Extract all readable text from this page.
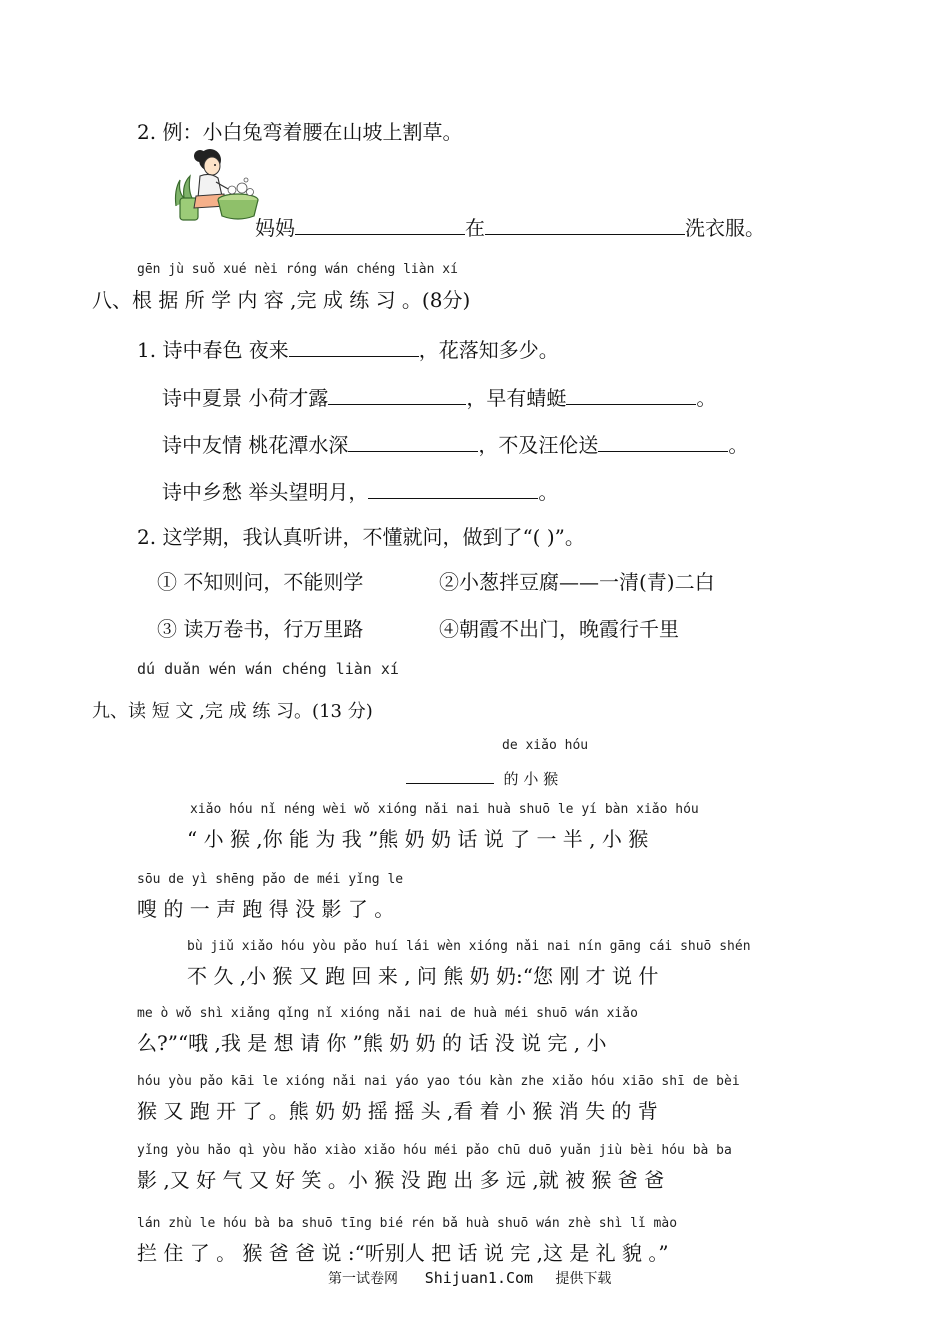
2. 例：小白兔弯着腰在山坡上割草。
妈妈	在	洗衣服。
gēn jù suǒ xué nèi róng wán chéng liàn xí
八、根 据 所 学 内 容 ,完 成 练 习 。(8分)
1. 诗中春色 夜来	，花落知多少。
诗中夏景 小荷才露	，早有蜻蜓	。
诗中友情 桃花潭水深	，不及汪伦送	。
诗中乡愁 举头望明月，	。
2. 这学期，我认真听讲，不懂就问，做到了“( )”。
① 不知则问，不能则学	②小葱拌豆腐——一清(青)二白
③ 读万卷书，行万里路	④朝霞不出门，晚霞行千里
dú duǎn wén wán chéng liàn xí
九、读 短 文 ,完 成 练 习。(13 分)
de xiǎo hóu
的 小 猴
xiǎo hóu nǐ néng wèi wǒ xióng nǎi nai huà shuō le yí bàn xiǎo hóu
“ 小 猴 ,你 能 为 我 ”熊 奶 奶 话 说 了 一 半 , 小 猴
sōu de yì shēng pǎo de méi yǐng le
嗖 的 一 声 跑 得 没 影 了 。
bù jiǔ xiǎo hóu yòu pǎo huí lái wèn xióng nǎi nai nín gāng cái shuō shén
不 久 ,小 猴 又 跑 回 来 , 问 熊 奶 奶:“您 刚 才 说 什
me ò wǒ shì xiǎng qǐng nǐ xióng nǎi nai de huà méi shuō wán xiǎo
么?”“哦 ,我 是 想 请 你 ”熊 奶 奶 的 话 没 说 完 , 小
hóu yòu pǎo kāi le xióng nǎi nai yáo yao tóu kàn zhe xiǎo hóu xiāo shī de bèi
猴 又 跑 开 了 。熊 奶 奶 摇 摇 头 ,看 着 小 猴 消 失 的 背
yǐng yòu hǎo qì yòu hǎo xiào xiǎo hóu méi pǎo chū duō yuǎn jiù bèi hóu bà ba
影 ,又 好 气 又 好 笑 。小 猴 没 跑 出 多 远 ,就 被 猴 爸 爸
lán zhù le hóu bà ba shuō tīng bié rén bǎ huà shuō wán zhè shì lǐ mào
拦 住 了 。 猴 爸 爸 说 :“听别人 把 话 说 完 ,这 是 礼 貌 。”
第一试卷网 Shijuan1.Com 提供下载
